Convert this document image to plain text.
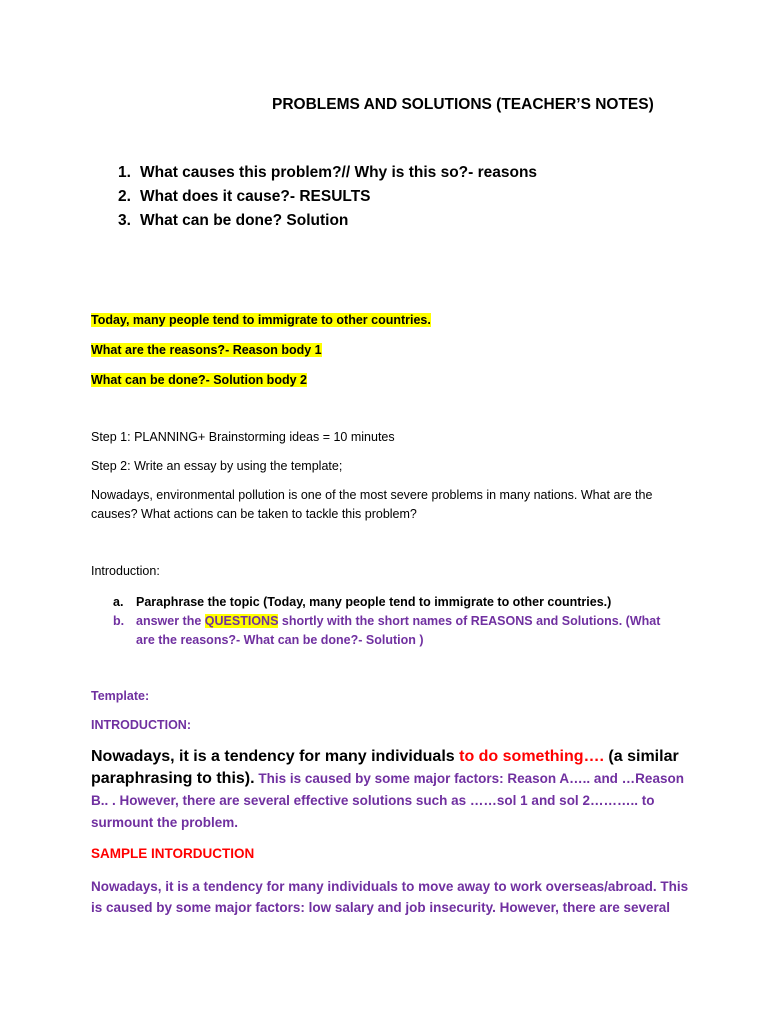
PROBLEMS AND SOLUTIONS (TEACHER’S NOTES)
1. What causes this problem?// Why is this so?- reasons
2. What does it cause?- RESULTS
3. What can be done? Solution
Today, many people tend to immigrate to other countries.
What are the reasons?- Reason body 1
What can be done?- Solution body 2
Step 1: PLANNING+ Brainstorming ideas = 10 minutes
Step 2: Write an essay by using the template;
Nowadays, environmental pollution is one of the most severe problems in many nations. What are the causes? What actions can be taken to tackle this problem?
Introduction:
a. Paraphrase the topic (Today, many people tend to immigrate to other countries.)
b. answer the QUESTIONS shortly with the short names of REASONS and Solutions. (What are the reasons?- What can be done?- Solution )
Template:
INTRODUCTION:
Nowadays, it is a tendency for many individuals to do something…. (a similar paraphrasing to this). This is caused by some major factors: Reason A….. and …Reason B.. . However, there are several effective solutions such as ……sol 1 and sol 2……….. to surmount the problem.
SAMPLE INTORDUCTION
Nowadays, it is a tendency for many individuals to move away to work overseas/abroad. This is caused by some major factors: low salary and job insecurity. However, there are several
